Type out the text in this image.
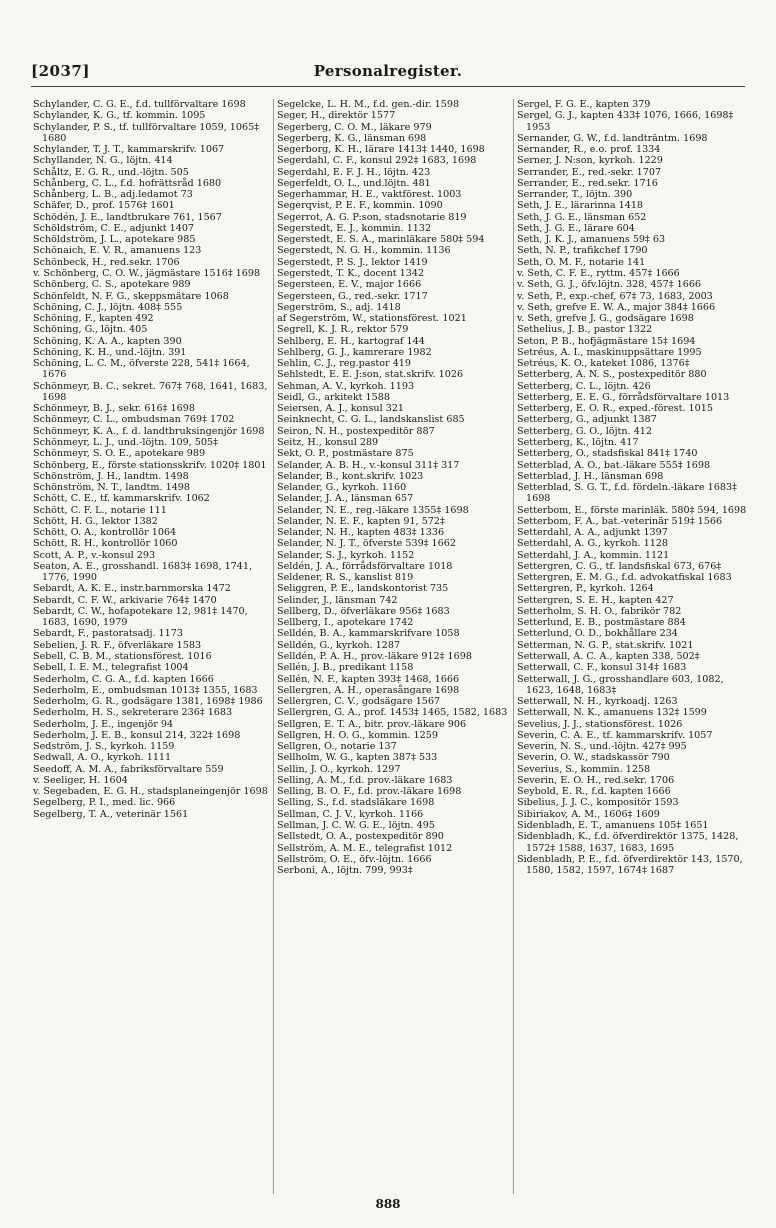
[2037]	Personalregister.

Schylander, C. G. E., f.d. tullförvaltare 1698

Schylander, K. G., tf. kommin. 1095

Schylander, P. S., tf. tullförvaltare 1059, 1065‡ 1680

Schylander, T. J. T., kammarskrifv. 1067

Schyllander, N. G., löjtn. 414

Schåltz, E. G. R., und.-löjtn. 505

Schånberg, C. L., f.d. hofrättsråd 1680

Schånberg, L. B., adj.ledamot 73

Schäfer, D., prof. 1576‡ 1601

Schödén, J. E., landtbrukare 761, 1567

Schöldström, C. E., adjunkt 1407

Schöldström, J. L., apotekare 985

Schönaich, E. V. R., amanuens 123

Schönbeck, H., red.sekr. 1706

v. Schönberg, C. O. W., jägmästare 1516‡ 1698

Schönberg, C. S., apotekare 989

Schönfeldt, N. F. G., skeppsmätare 1068

Schöning, C. J., löjtn. 408‡ 555

Schöning, F., kapten 492

Schöning, G., löjtn. 405

Schöning, K. A. A., kapten 390

Schöning, K. H., und.-löjtn. 391

Schöning, L. C. M., öfverste 228, 541‡ 1664, 1676

Schönmeyr, B. C., sekret. 767‡ 768, 1641, 1683, 1698

Schönmeyr, B. J., sekr. 616‡ 1698

Schönmeyr, C. L., ombudsman 769‡ 1702

Schönmeyr, K. A., f. d. landtbruksingenjör 1698

Schönmeyr, L. J., und.-löjtn. 109, 505‡

Schönmeyr, S. O. E., apotekare 989

Schönberg, E., förste stationsskrifv. 1020‡ 1801

Schönström, J. H., landtm. 1498

Schönström, N. T., landtm. 1498

Schött, C. E., tf. kammarskrifv. 1062

Schött, C. F. L., notarie 111

Schött, H. G., lektor 1382

Schött, O. A., kontrollör 1064

Schött, R. H., kontrollör 1060

Scott, A. P., v.-konsul 293

Seaton, A. E., grosshandl. 1683‡ 1698, 1741, 1776, 1990

Sebardt, A. K. E., instr.barnmorska 1472

Sebardt, C. F. W., arkivarie 764‡ 1470

Sebardt, C. W., hofapotekare 12, 981‡ 1470, 1683, 1690, 1979

Sebardt, F., pastoratsadj. 1173

Sebelien, J. R. F., öfverläkare 1583

Sebell, C. B. M., stationsförest. 1016

Sebell, I. E. M., telegrafist 1004

Sederholm, C. G. A., f.d. kapten 1666

Sederholm, E., ombudsman 1013‡ 1355, 1683

Sederholm, G. R., godsägare 1381, 1698‡ 1986

Sederholm, H. S., sekreterare 236‡ 1683

Sederholm, J. E., ingenjör 94

Sederholm, J. E. B., konsul 214, 322‡ 1698

Sedström, J. S., kyrkoh. 1159

Sedwall, A. O., kyrkoh. 1111

Seedoff, A. M. A., fabriksförvaltare 559

v. Seeliger, H. 1604

v. Segebaden, E. G. H., stadsplaneingenjör 1698

Segelberg, P. I., med. lic. 966

Segelberg, T. A., veterinär 1561

Segelcke, L. H. M., f.d. gen.-dir. 1598

Seger, H., direktör 1577

Segerberg, C. O. M., läkare 979

Segerberg, K. G., länsman 698

Segerborg, K. H., lärare 1413‡ 1440, 1698

Segerdahl, C. F., konsul 292‡ 1683, 1698

Segerdahl, E. F. J. H., löjtn. 423

Segerfeldt, O. L., und.löjtn. 481

Segerhammar, H. E., vaktförest. 1003

Segerqvist, P. E. F., kommin. 1090

Segerrot, A. G. P:son, stadsnotarie 819

Segerstedt, E. J., kommin. 1132

Segerstedt, E. S. A., marinläkare 580‡ 594

Segerstedt, N. G. H., kommin. 1136

Segerstedt, P. S. J., lektor 1419

Segerstedt, T. K., docent 1342

Segersteen, E. V., major 1666

Segersteen, G., red.-sekr. 1717

Segerström, S., adj. 1418

af Segerström, W., stationsförest. 1021

Segrell, K. J. R., rektor 579

Sehlberg, E. H., kartograf 144

Sehlberg, G. J., kamrerare 1982

Sehlin, C. J., reg.pastor 419

Sehlstedt, E. E. J:son, stat.skrifv. 1026

Sehman, A. V., kyrkoh. 1193

Seidl, G., arkitekt 1588

Seiersen, A. J., konsul 321

Seinknecht, C. G. L., landskanslist 685

Seiron, N. H., postexpeditör 887

Seitz, H., konsul 289

Sekt, O. P., postmästare 875

Selander, A. B. H., v.-konsul 311‡ 317

Selander, B., kont.skrifv. 1023

Selander, G., kyrkoh. 1160

Selander, J. A., länsman 657

Selander, N. E., reg.-läkare 1355‡ 1698

Selander, N. E. F., kapten 91, 572‡

Selander, N. H., kapten 483‡ 1336

Selander, N. J. T., öfverste 539‡ 1662

Selander, S. J., kyrkoh. 1152

Seldén, J. A., förrådsförvaltare 1018

Seldener, R. S., kanslist 819

Seliggren, P. E., landskontorist 735

Selinder, J., länsman 742

Sellberg, D., öfverläkare 956‡ 1683

Sellberg, I., apotekare 1742

Selldén, B. A., kammarskrifvare 1058

Selldén, G., kyrkoh. 1287

Selldén, P. A. H., prov.-läkare 912‡ 1698

Sellén, J. B., predikant 1158

Sellén, N. F., kapten 393‡ 1468, 1666

Sellergren, A. H., operasångare 1698

Sellergren, C. V., godsägare 1567

Sellergren, G. A., prof. 1453‡ 1465, 1582, 1683

Sellgren, E. T. A., bitr. prov.-läkare 906

Sellgren, H. O. G., kommin. 1259

Sellgren, O., notarie 137

Sellholm, W. G., kapten 387‡ 533

Sellin, J. O., kyrkoh. 1297

Selling, A. M., f.d. prov.-läkare 1683

Selling, B. O. F., f.d. prov.-läkare 1698

Selling, S., f.d. stadsläkare 1698

Sellman, C. J. V., kyrkoh. 1166

Sellman, J. C. W. G. E., löjtn. 495

Sellstedt, O. A., postexpeditör 890

Sellström, A. M. E., telegrafist 1012

Sellström, O. E., öfv.-löjtn. 1666

Serboni, A., löjtn. 799, 993‡

Sergel, F. G. E., kapten 379

Sergel, G. J., kapten 433‡ 1076, 1666, 1698‡ 1953

Sernander, G. W., f.d. landträntm. 1698

Sernander, R., e.o. prof. 1334

Serner, J. N:son, kyrkoh. 1229

Serrander, E., red.-sekr. 1707

Serrander, E., red.sekr. 1716

Serrander, T., löjtn. 390

Seth, J. E., lärarinna 1418

Seth, J. G. E., länsman 652

Seth, J. G. E., lärare 604

Seth, J. K. J., amanuens 59‡ 63

Seth, N. P., trafikchef 1790

Seth, O. M. F., notarie 141

v. Seth, C. F. E., ryttm. 457‡ 1666

v. Seth, G. J., öfv.löjtn. 328, 457‡ 1666

v. Seth, P., exp.-chef, 67‡ 73, 1683, 2003

v. Seth, grefve E. W. A., major 384‡ 1666

v. Seth, grefve J. G., godsägare 1698

Sethelius, J. B., pastor 1322

Seton, P. B., hofjägmästare 15‡ 1694

Setréus, A. I., maskinuppsättare 1995

Setréus, K. O., kateket 1086, 1376‡

Setterberg, A. N. S., postexpeditör 880

Setterberg, C. L., löjtn. 426

Setterberg, E. E. G., förrådsförvaltare 1013

Setterberg, E. O. R., exped.-förest. 1015

Setterberg, G., adjunkt 1387

Setterberg, G. O., löjtn. 412

Setterberg, K., löjtn. 417

Setterberg, O., stadsfiskal 841‡ 1740

Setterblad, A. O., bat.-läkare 555‡ 1698

Setterblad, J. H., länsman 698

Setterblad, S. G. T., f.d. fördeln.-läkare 1683‡ 1698

Setterbom, E., förste marinläk. 580‡ 594, 1698

Setterbom, F. A., bat.-veterinär 519‡ 1566

Setterdahl, A. A., adjunkt 1397

Setterdahl, A. G., kyrkoh. 1128

Setterdahl, J. A., kommin. 1121

Settergren, C. G., tf. landsfiskal 673, 676‡

Settergren, E. M. G., f.d. advokatfiskal 1683

Settergren, P., kyrkoh. 1264

Settergren, S. E. H., kapten 427

Setterholm, S. H. O., fabrikör 782

Setterlund, E. B., postmästare 884

Setterlund, O. D., bokhållare 234

Setterman, N. G. P., stat.skrifv. 1021

Setterwall, A. C. A., kapten 338, 502‡

Setterwall, C. F., konsul 314‡ 1683

Setterwall, J. G., grosshandlare 603, 1082, 1623, 1648, 1683‡

Setterwall, N. H., kyrkoadj. 1263

Setterwall, N. K., amanuens 132‡ 1599

Sevelius, J. J., stationsförest. 1026

Severin, C. A. E., tf. kammarskrifv. 1057

Severin, N. S., und.-löjtn. 427‡ 995

Severin, O. W., stadskassör 790

Severius, S., kommin. 1258

Severin, E. O. H., red.sekr. 1706

Seybold, E. R., f.d. kapten 1666

Sibelius, J. J. C., kompositör 1593

Sibiriakov, A. M., 1606‡ 1609

Sidenbladh, E. T., amanuens 105‡ 1651

Sidenbladh, K., f.d. öfverdirektör 1375, 1428, 1572‡ 1588, 1637, 1683, 1695

Sidenbladh, P. E., f.d. öfverdirektör 143, 1570, 1580, 1582, 1597, 1674‡ 1687

888
